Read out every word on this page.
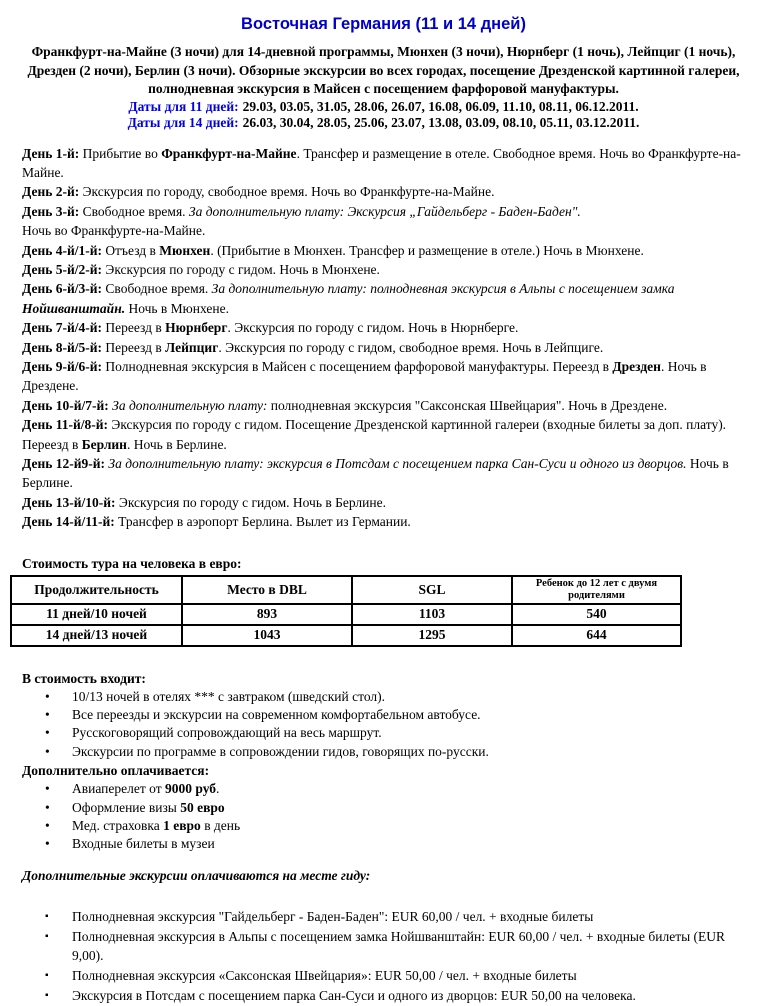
Восточная Германия (11 и 14 дней)
Франкфурт-на-Майне (3 ночи) для 14-дневной программы, Мюнхен (3 ночи), Нюрнберг (1 ночь), Лейпциг (1 ночь), Дрезден (2 ночи), Берлин (3 ночи). Обзорные экскурсии во всех городах, посещение Дрезденской картинной галереи, полнодневная экскурсия в Майсен с посещением фарфоровой мануфактуры.
Даты для 11 дней: 29.03, 03.05, 31.05, 28.06, 26.07, 16.08, 06.09, 11.10, 08.11, 06.12.2011.
Даты для 14 дней: 26.03, 30.04, 28.05, 25.06, 23.07, 13.08, 03.09, 08.10, 05.11, 03.12.2011.
День 1-й: Прибытие во Франкфурт-на-Майне. Трансфер и размещение в отеле. Свободное время. Ночь во Франкфурте-на-Майне.
День 2-й: Экскурсия по городу, свободное время. Ночь во Франкфурте-на-Майне.
День 3-й: Свободное время. За дополнительную плату: Экскурсия „Гайдельберг - Баден-Баден".
Ночь во Франкфурте-на-Майне.
День 4-й/1-й: Отъезд в Мюнхен. (Прибытие в Мюнхен. Трансфер и размещение в отеле.) Ночь в Мюнхене.
День 5-й/2-й: Экскурсия по городу с гидом. Ночь в Мюнхене.
День 6-й/3-й: Свободное время. За дополнительную плату: полнодневная экскурсия в Альпы с посещением замка Нойшванштайн. Ночь в Мюнхене.
День 7-й/4-й: Переезд в Нюрнберг. Экскурсия по городу с гидом. Ночь в Нюрнберге.
День 8-й/5-й: Переезд в Лейпциг. Экскурсия по городу с гидом, свободное время. Ночь в Лейпциге.
День 9-й/6-й: Полнодневная экскурсия в Майсен с посещением фарфоровой мануфактуры. Переезд в Дрезден. Ночь в Дрездене.
День 10-й/7-й: За дополнительную плату: полнодневная экскурсия "Саксонская Швейцария". Ночь в Дрездене.
День 11-й/8-й: Экскурсия по городу с гидом. Посещение Дрезденской картинной галереи (входные билеты за доп. плату). Переезд в Берлин. Ночь в Берлине.
День 12-й9-й: За дополнительную плату: экскурсия в Потсдам с посещением парка Сан-Суси и одного из дворцов. Ночь в Берлине.
День 13-й/10-й: Экскурсия по городу с гидом. Ночь в Берлине.
День 14-й/11-й: Трансфер в аэропорт Берлина. Вылет из Германии.
Стоимость тура на человека в евро:
Продолжительность	Место в DBL	SGL	Ребенок до 12 лет с двумя родителями
11 дней/10 ночей	893	1103	540
14 дней/13 ночей	1043	1295	644
В стоимость входит:
•	10/13 ночей в отелях *** с завтраком (шведский стол).
•	Все переезды и экскурсии на современном комфортабельном автобусе.
•	Русскоговорящий сопровождающий на весь маршрут.
•	Экскурсии по программе в сопровождении гидов, говорящих по-русски.
Дополнительно оплачивается:
•	Авиаперелет от 9000 руб.
•	Оформление визы 50 евро
•	Мед. страховка 1 евро в день
•	Входные билеты в музеи
Дополнительные экскурсии оплачиваются на месте гиду:
▪	Полнодневная экскурсия "Гайдельберг - Баден-Баден": EUR 60,00 / чел. + входные билеты
▪	Полнодневная экскурсия в Альпы с посещением замка Нойшванштайн: EUR 60,00 / чел. + входные билеты (EUR 9,00).
▪	Полнодневная экскурсия «Саксонская Швейцария»: EUR 50,00 / чел. + входные билеты
▪	Экскурсия в Потсдам с посещением парка Сан-Суси и одного из дворцов: EUR 50,00 на человека.
